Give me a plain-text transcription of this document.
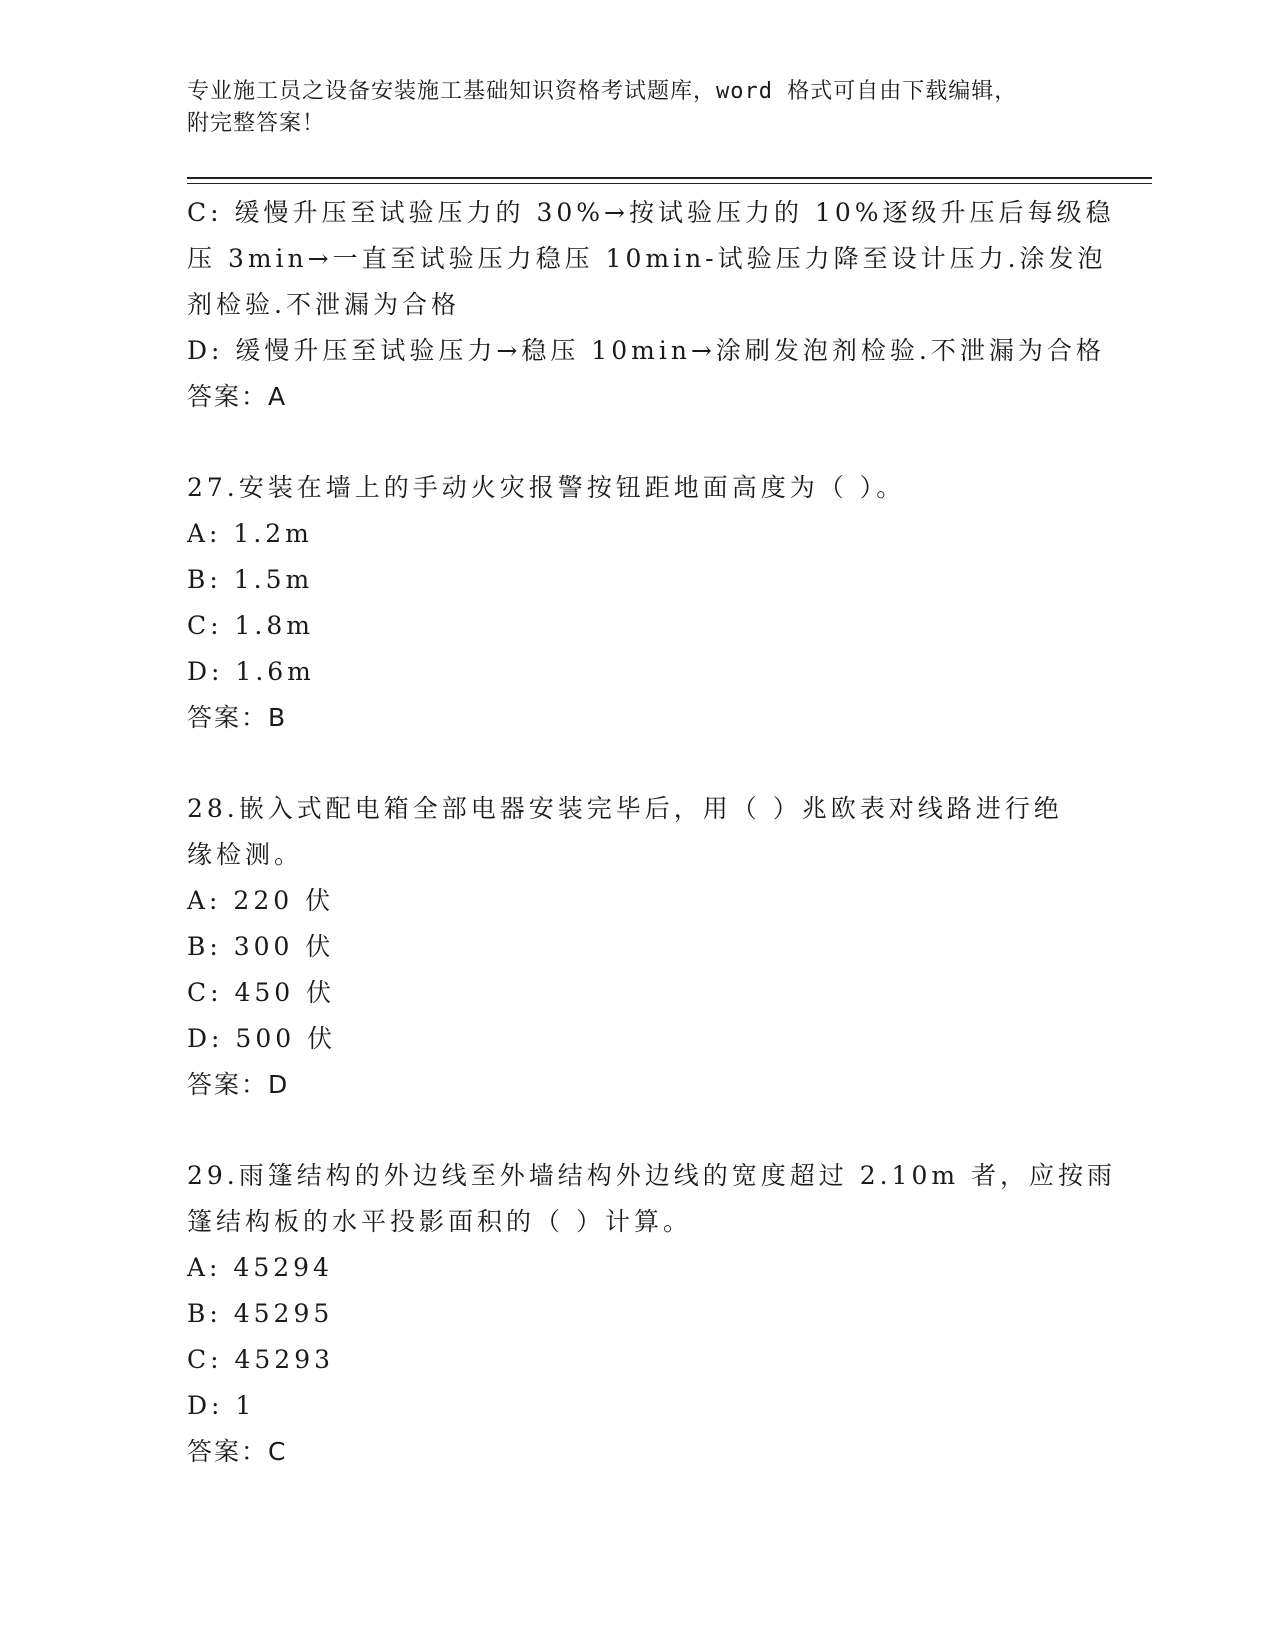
专业施工员之设备安装施工基础知识资格考试题库，word 格式可自由下载编辑，
附完整答案！
C: 缓慢升压至试验压力的 30%→按试验压力的 10%逐级升压后每级稳
压 3min→一直至试验压力稳压 10min-试验压力降至设计压力.涂发泡
剂检验.不泄漏为合格
D: 缓慢升压至试验压力→稳压 10min→涂刷发泡剂检验.不泄漏为合格
答案：A
27.安装在墙上的手动火灾报警按钮距地面高度为（ ）。
A: 1.2m
B: 1.5m
C: 1.8m
D: 1.6m
答案：B
28.嵌入式配电箱全部电器安装完毕后，用（ ）兆欧表对线路进行绝
缘检测。
A: 220 伏
B: 300 伏
C: 450 伏
D: 500 伏
答案：D
29.雨篷结构的外边线至外墙结构外边线的宽度超过 2.10m 者，应按雨
篷结构板的水平投影面积的（ ）计算。
A: 45294
B: 45295
C: 45293
D: 1
答案：C
